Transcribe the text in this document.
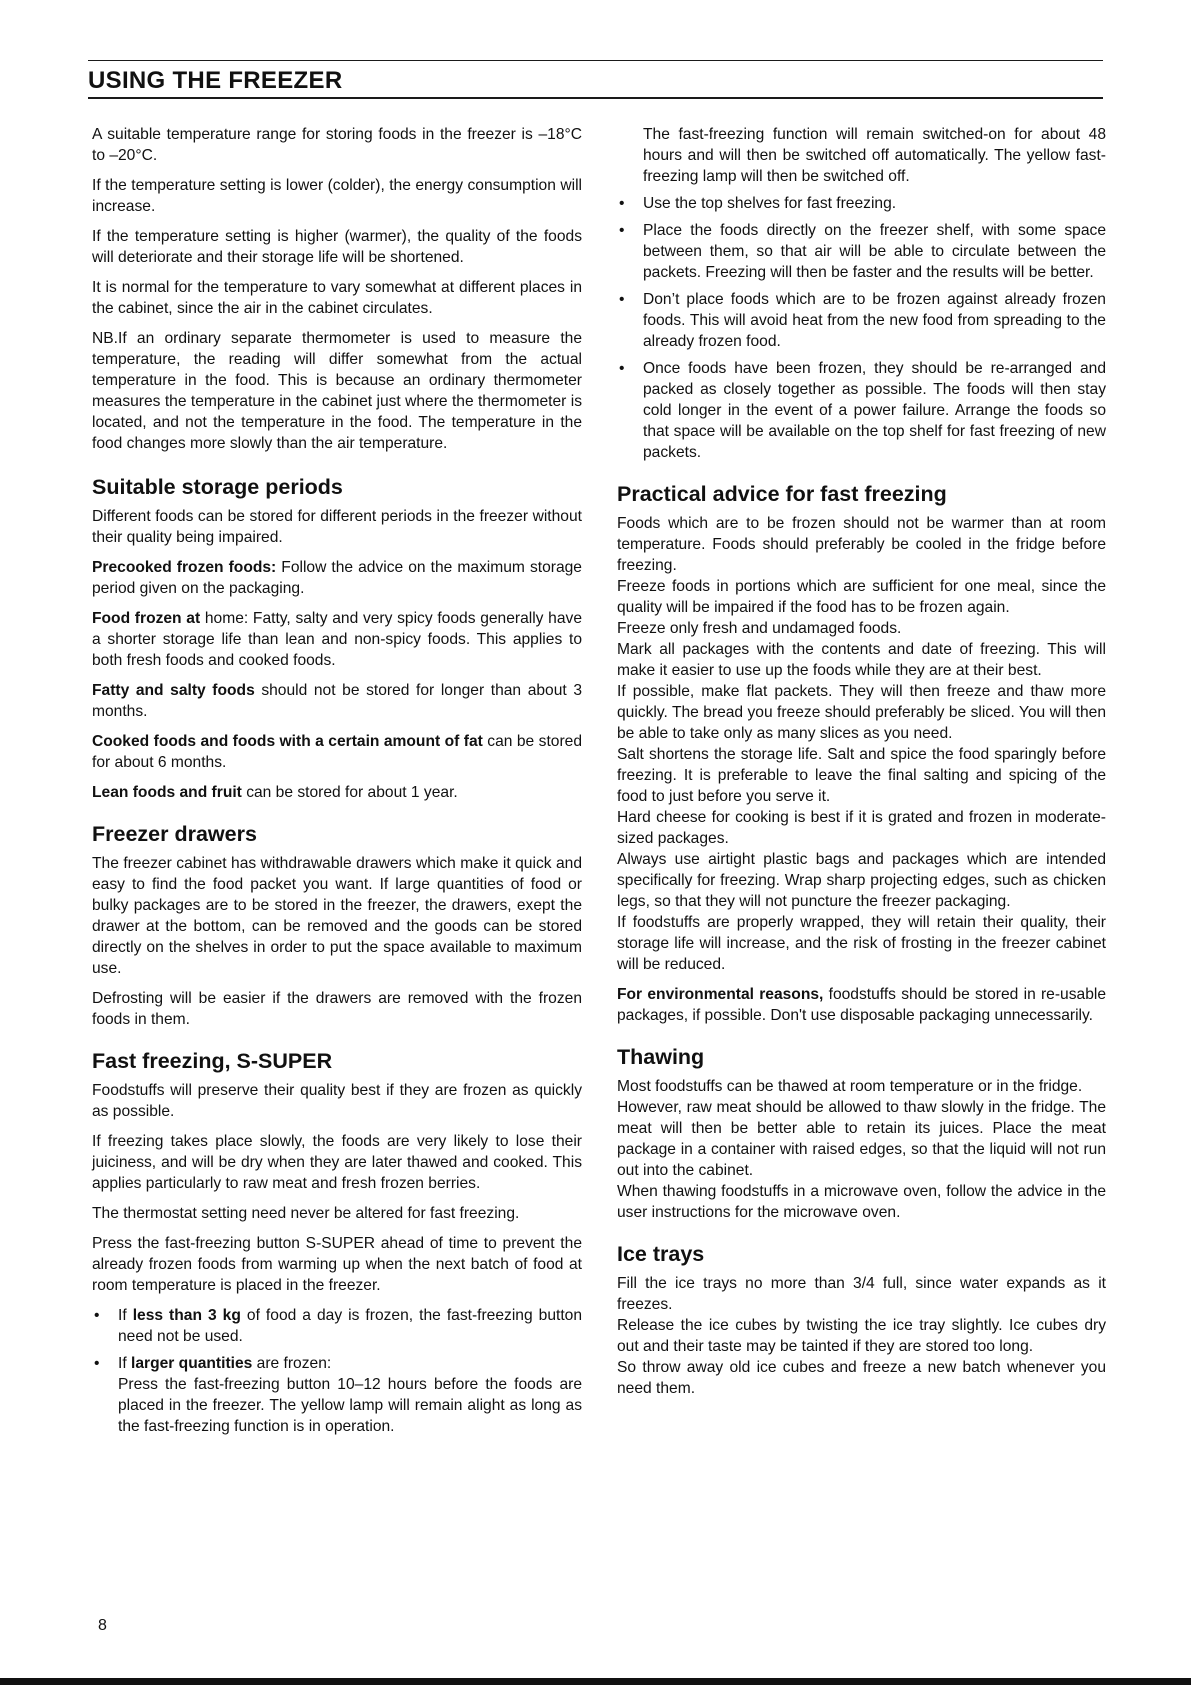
USING THE FREEZER

A suitable temperature range for storing foods in the freezer is –18°C to –20°C.

If the temperature setting is lower (colder), the energy consumption will increase.

If the temperature setting is higher (warmer), the quality of the foods will deteriorate and their storage life will be shortened.

It is normal for the temperature to vary somewhat at different places in the cabinet, since the air in the cabinet circulates.

NB.If an ordinary separate thermometer is used to measure the temperature, the reading will differ somewhat from the actual temperature in the food. This is because an ordinary thermometer measures the temperature in the cabinet just where the thermometer is located, and not the temperature in the food. The temperature in the food changes more slowly than the air temperature.

Suitable storage periods

Different foods can be stored for different periods in the freezer without their quality being impaired.

Precooked frozen foods: Follow the advice on the maximum storage period given on the packaging.

Food frozen at home: Fatty, salty and very spicy foods generally have a shorter storage life than lean and non-spicy foods. This applies to both fresh foods and cooked foods.

Fatty and salty foods should not be stored for longer than about 3 months.

Cooked foods and foods with a certain amount of fat can be stored for about 6 months.

Lean foods and fruit can be stored for about 1 year.

Freezer drawers

The freezer cabinet has withdrawable drawers which make it quick and easy to find the food packet you want. If large quantities of food or bulky packages are to be stored in the freezer, the drawers, exept the drawer at the bottom, can be removed and the goods can be stored directly on the shelves in order to put the space available to maximum use.

Defrosting will be easier if the drawers are removed with the frozen foods in them.

Fast freezing, S-SUPER

Foodstuffs will preserve their quality best if they are frozen as quickly as possible.

If freezing takes place slowly, the foods are very likely to lose their juiciness, and will be dry when they are later thawed and cooked. This applies particularly to raw meat and fresh frozen berries.

The thermostat setting need never be altered for fast freezing.

Press the fast-freezing button S-SUPER ahead of time to prevent the already frozen foods from warming up when the next batch of food at room temperature is placed in the freezer.

• If less than 3 kg of food a day is frozen, the fast-freezing button need not be used.
• If larger quantities are frozen:
Press the fast-freezing button 10–12 hours before the foods are placed in the freezer. The yellow lamp will remain alight as long as the fast-freezing function is in operation.
The fast-freezing function will remain switched-on for about 48 hours and will then be switched off automatically. The yellow fast-freezing lamp will then be switched off.
• Use the top shelves for fast freezing.
• Place the foods directly on the freezer shelf, with some space between them, so that air will be able to circulate between the packets. Freezing will then be faster and the results will be better.
• Don’t place foods which are to be frozen against already frozen foods. This will avoid heat from the new food from spreading to the already frozen food.
• Once foods have been frozen, they should be re-arranged and packed as closely together as possible. The foods will then stay cold longer in the event of a power failure. Arrange the foods so that space will be available on the top shelf for fast freezing of new packets.
Practical advice for fast freezing

Foods which are to be frozen should not be warmer than at room temperature. Foods should preferably be cooled in the fridge before freezing.

Freeze foods in portions which are sufficient for one meal, since the quality will be impaired if the food has to be frozen again.

Freeze only fresh and undamaged foods.

Mark all packages with the contents and date of freezing. This will make it easier to use up the foods while they are at their best.

If possible, make flat packets. They will then freeze and thaw more quickly. The bread you freeze should preferably be sliced. You will then be able to take only as many slices as you need.

Salt shortens the storage life. Salt and spice the food sparingly before freezing. It is preferable to leave the final salting and spicing of the food to just before you serve it.

Hard cheese for cooking is best if it is grated and frozen in moderate-sized packages.

Always use airtight plastic bags and packages which are intended specifically for freezing. Wrap sharp projecting edges, such as chicken legs, so that they will not puncture the freezer packaging.

If foodstuffs are properly wrapped, they will retain their quality, their storage life will increase, and the risk of frosting in the freezer cabinet will be reduced.

For environmental reasons, foodstuffs should be stored in re-usable packages, if possible. Don't use disposable packaging unnecessarily.

Thawing

Most foodstuffs can be thawed at room temperature or in the fridge.

However, raw meat should be allowed to thaw slowly in the fridge. The meat will then be better able to retain its juices. Place the meat package in a container with raised edges, so that the liquid will not run out into the cabinet.

When thawing foodstuffs in a microwave oven, follow the advice in the user instructions for the microwave oven.

Ice trays

Fill the ice trays no more than 3/4 full, since water expands as it freezes.

Release the ice cubes by twisting the ice tray slightly. Ice cubes dry out and their taste may be tainted if they are stored too long.

So throw away old ice cubes and freeze a new batch whenever you need them.

8
